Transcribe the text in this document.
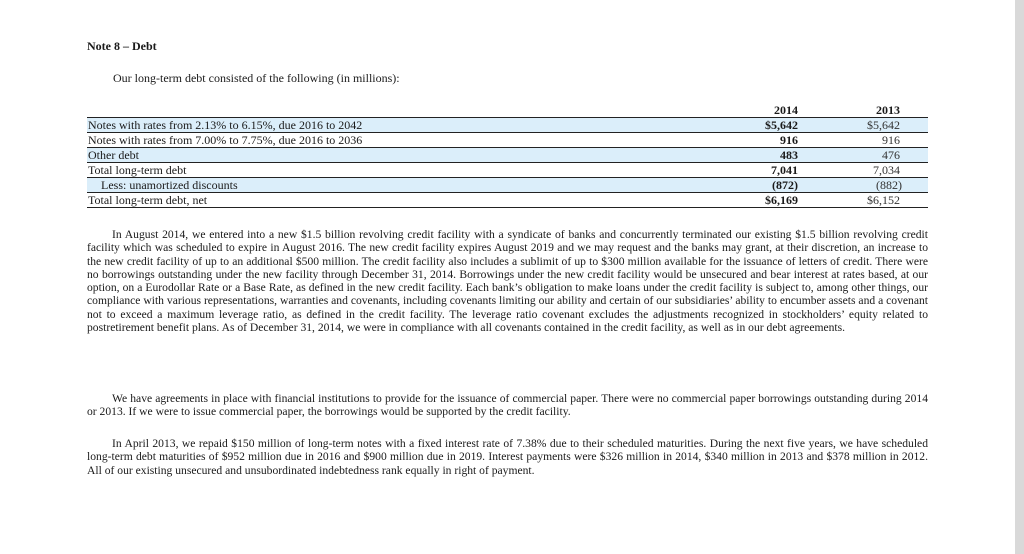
Note 8 – Debt
Our long-term debt consisted of the following (in millions):
	2014	2013
Notes with rates from 2.13% to 6.15%, due 2016 to 2042	$5,642	$5,642
Notes with rates from 7.00% to 7.75%, due 2016 to 2036	916	916
Other debt	483	476
Total long-term debt	7,041	7,034
Less: unamortized discounts	(872)	(882)
Total long-term debt, net	$6,169	$6,152

In August 2014, we entered into a new $1.5 billion revolving credit facility with a syndicate of banks and concurrently terminated our existing $1.5 billion revolving credit facility which was scheduled to expire in August 2016. The new credit facility expires August 2019 and we may request and the banks may grant, at their discretion, an increase to the new credit facility of up to an additional $500 million. The credit facility also includes a sublimit of up to $300 million available for the issuance of letters of credit. There were no borrowings outstanding under the new facility through December 31, 2014. Borrowings under the new credit facility would be unsecured and bear interest at rates based, at our option, on a Eurodollar Rate or a Base Rate, as defined in the new credit facility. Each bank’s obligation to make loans under the credit facility is subject to, among other things, our compliance with various representations, warranties and covenants, including covenants limiting our ability and certain of our subsidiaries’ ability to encumber assets and a covenant not to exceed a maximum leverage ratio, as defined in the credit facility. The leverage ratio covenant excludes the adjustments recognized in stockholders’ equity related to postretirement benefit plans. As of December 31, 2014, we were in compliance with all covenants contained in the credit facility, as well as in our debt agreements.

We have agreements in place with financial institutions to provide for the issuance of commercial paper. There were no commercial paper borrowings outstanding during 2014 or 2013. If we were to issue commercial paper, the borrowings would be supported by the credit facility.

In April 2013, we repaid $150 million of long-term notes with a fixed interest rate of 7.38% due to their scheduled maturities. During the next five years, we have scheduled long-term debt maturities of $952 million due in 2016 and $900 million due in 2019. Interest payments were $326 million in 2014, $340 million in 2013 and $378 million in 2012. All of our existing unsecured and unsubordinated indebtedness rank equally in right of payment.
